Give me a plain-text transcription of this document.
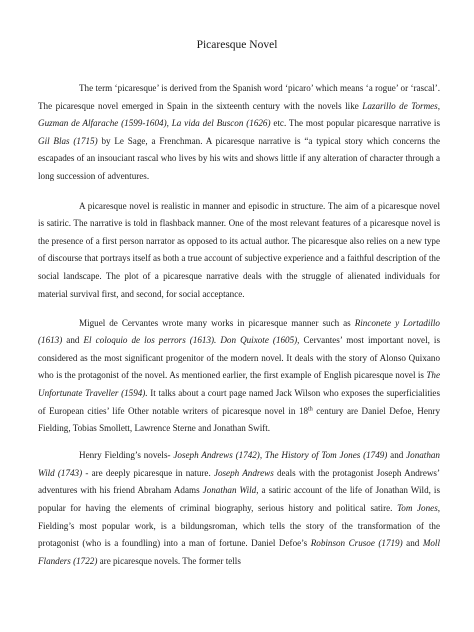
Picaresque Novel

The term ‘picaresque’ is derived from the Spanish word ‘picaro’ which means ‘a rogue’ or ‘rascal’. The picaresque novel emerged in Spain in the sixteenth century with the novels like Lazarillo de Tormes, Guzman de Alfarache (1599-1604), La vida del Buscon (1626) etc. The most popular picaresque narrative is Gil Blas (1715) by Le Sage, a Frenchman. A picaresque narrative is “a typical story which concerns the escapades of an insouciant rascal who lives by his wits and shows little if any alteration of character through a long succession of adventures.

A picaresque novel is realistic in manner and episodic in structure. The aim of a picaresque novel is satiric. The narrative is told in flashback manner. One of the most relevant features of a picaresque novel is the presence of a first person narrator as opposed to its actual author. The picaresque also relies on a new type of discourse that portrays itself as both a true account of subjective experience and a faithful description of the social landscape. The plot of a picaresque narrative deals with the struggle of alienated individuals for material survival first, and second, for social acceptance.

Miguel de Cervantes wrote many works in picaresque manner such as Rinconete y Lortadillo (1613) and El coloquio de los perrors (1613). Don Quixote (1605), Cervantes’ most important novel, is considered as the most significant progenitor of the modern novel. It deals with the story of Alonso Quixano who is the protagonist of the novel. As mentioned earlier, the first example of English picaresque novel is The Unfortunate Traveller (1594). It talks about a court page named Jack Wilson who exposes the superficialities of European cities’ life Other notable writers of picaresque novel in 18th century are Daniel Defoe, Henry Fielding, Tobias Smollett, Lawrence Sterne and Jonathan Swift.

Henry Fielding’s novels- Joseph Andrews (1742), The History of Tom Jones (1749) and Jonathan Wild (1743) - are deeply picaresque in nature. Joseph Andrews deals with the protagonist Joseph Andrews’ adventures with his friend Abraham Adams Jonathan Wild, a satiric account of the life of Jonathan Wild, is popular for having the elements of criminal biography, serious history and political satire. Tom Jones, Fielding’s most popular work, is a bildungsroman, which tells the story of the transformation of the protagonist (who is a foundling) into a man of fortune. Daniel Defoe’s Robinson Crusoe (1719) and Moll Flanders (1722) are picaresque novels. The former tells
